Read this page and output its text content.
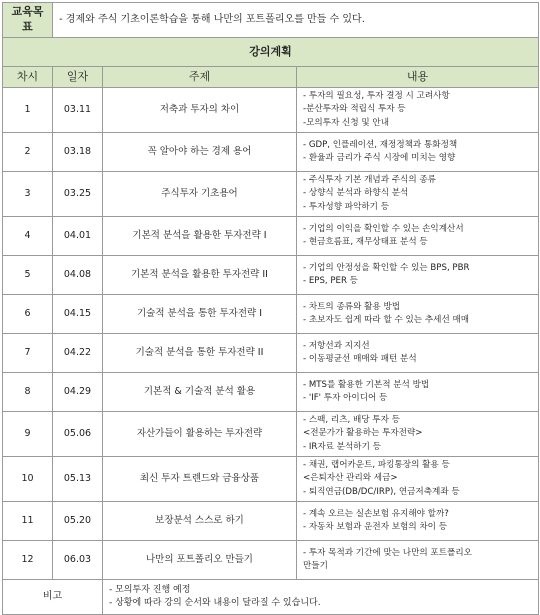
교육목표	- 경제와 주식 기초이론학습을 통해 나만의 포트폴리오를 만들 수 있다.		
강의계획			
차시	일자	주제	내용
1	03.11	저축과 투자의 차이	- 투자의 필요성, 투자 결정 시 고려사항
-분산투자와 적립식 투자 등
-모의투자 신청 및 안내

2	03.18	꼭 알아야 하는 경제 용어	- GDP, 인플레이션, 재정정책과 통화정책
- 환율과 금리가 주식 시장에 미치는 영향

3	03.25	주식투자 기초용어	- 주식투자 기본 개념과 주식의 종류
- 상향식 분석과 하향식 분석
- 투자성향 파악하기 등

4	04.01	기본적 분석을 활용한 투자전략 I	- 기업의 이익을 확인할 수 있는 손익계산서
- 현금흐름표, 재무상태표 분석 등

5	04.08	기본적 분석을 활용한 투자전략 II	- 기업의 안정성을 확인할 수 있는 BPS, PBR
- EPS, PER 등

6	04.15	기술적 분석을 통한 투자전략 I	- 차트의 종류와 활용 방법
- 초보자도 쉽게 따라 할 수 있는 추세선 매매

7	04.22	기술적 분석을 통한 투자전략 II	- 저항선과 지지선
- 이동평균선 매매와 패턴 분석

8	04.29	기본적 & 기술적 분석 활용	- MTS를 활용한 기본적 분석 방법
- 'IF' 투자 아이디어 등

9	05.06	자산가들이 활용하는 투자전략	- 스팩, 리츠, 배당 투자 등
<전문가가 활용하는 투자전략>
- IR자료 분석하기 등

10	05.13	최신 투자 트렌드와 금융상품	- 채권, 랩어카운트, 파킹통장의 활용 등
<은퇴자산 관리와 세금>
- 퇴직연금(DB/DC/IRP), 연금저축계좌 등

11	05.20	보장분석 스스로 하기	- 계속 오르는 실손보험 유지해야 할까?
- 자동차 보험과 운전자 보험의 차이 등

12	06.03	나만의 포트폴리오 만들기	- 투자 목적과 기간에 맞는 나만의 포트폴리오
만들기

비고		- 모의투자 진행 예정
- 상황에 따라 강의 순서와 내용이 달라질 수 있습니다.	
